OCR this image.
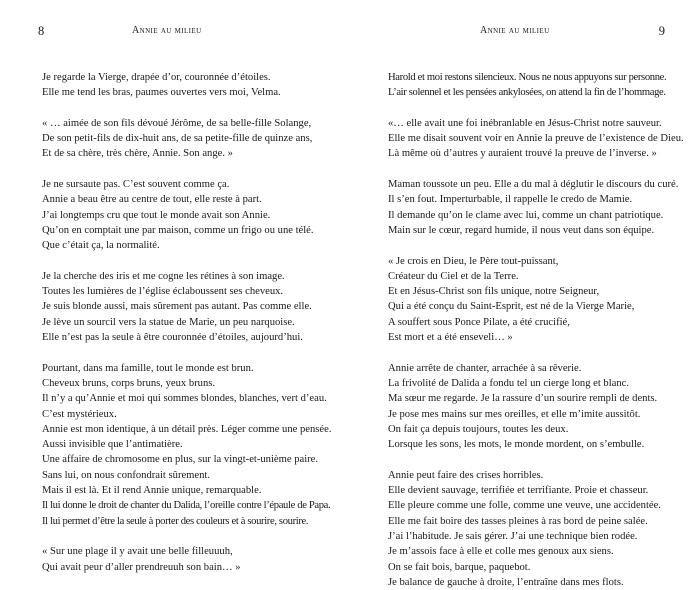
8	Annie au milieu

Je regarde la Vierge, drapée d’or, couronnée d’étoiles.
Elle me tend les bras, paumes ouvertes vers moi, Velma.

« … aimée de son fils dévoué Jérôme, de sa belle-fille Solange,
De son petit-fils de dix-huit ans, de sa petite-fille de quinze ans,
Et de sa chère, très chère, Annie. Son ange. »

Je ne sursaute pas. C’est souvent comme ça.
Annie a beau être au centre de tout, elle reste à part.
J’ai longtemps cru que tout le monde avait son Annie.
Qu’on en comptait une par maison, comme un frigo ou une télé.
Que c’était ça, la normalité.

Je la cherche des iris et me cogne les rétines à son image.
Toutes les lumières de l’église éclaboussent ses cheveux.
Je suis blonde aussi, mais sûrement pas autant. Pas comme elle.
Je lève un sourcil vers la statue de Marie, un peu narquoise.
Elle n’est pas la seule à être couronnée d’étoiles, aujourd’hui.

Pourtant, dans ma famille, tout le monde est brun.
Cheveux bruns, corps bruns, yeux bruns.
Il n’y a qu’Annie et moi qui sommes blondes, blanches, vert d’eau.
C’est mystérieux.
Annie est mon identique, à un détail près. Léger comme une pensée.
Aussi invisible que l’antimatière.
Une affaire de chromosome en plus, sur la vingt-et-unième paire.
Sans lui, on nous confondrait sûrement.
Mais il est là. Et il rend Annie unique, remarquable.
Il lui donne le droit de chanter du Dalida, l’oreille contre l’épaule de Papa.
Il lui permet d’être la seule à porter des couleurs et à sourire, sourire.

« Sur une plage il y avait une belle filleuuuh,
Qui avait peur d’aller prendreuuh son bain… »

Annie au milieu	9

Harold et moi restons silencieux. Nous ne nous appuyons sur personne.
L’air solennel et les pensées ankylosées, on attend la fin de l’hommage.

«… elle avait une foi inébranlable en Jésus-Christ notre sauveur.
Elle me disait souvent voir en Annie la preuve de l’existence de Dieu.
Là même où d’autres y auraient trouvé la preuve de l’inverse. »

Maman toussote un peu. Elle a du mal à déglutir le discours du curé.
Il s’en fout. Imperturbable, il rappelle le credo de Mamie.
Il demande qu’on le clame avec lui, comme un chant patriotique.
Main sur le cœur, regard humide, il nous veut dans son équipe.

« Je crois en Dieu, le Père tout-puissant,
Créateur du Ciel et de la Terre.
Et en Jésus-Christ son fils unique, notre Seigneur,
Qui a été conçu du Saint-Esprit, est né de la Vierge Marie,
A souffert sous Ponce Pilate, a été crucifié,
Est mort et a été enseveli… »

Annie arrête de chanter, arrachée à sa rêverie.
La frivolité de Dalida a fondu tel un cierge long et blanc.
Ma sœur me regarde. Je la rassure d’un sourire rempli de dents.
Je pose mes mains sur mes oreilles, et elle m’imite aussitôt.
On fait ça depuis toujours, toutes les deux.
Lorsque les sons, les mots, le monde mordent, on s’embulle.

Annie peut faire des crises horribles.
Elle devient sauvage, terrifiée et terrifiante. Proie et chasseur.
Elle pleure comme une folle, comme une veuve, une accidentée.
Elle me fait boire des tasses pleines à ras bord de peine salée.
J’ai l’habitude. Je sais gérer. J’ai une technique bien rodée.
Je m’assois face à elle et colle mes genoux aux siens.
On se fait bois, barque, paquebot.
Je balance de gauche à droite, l’entraîne dans mes flots.
